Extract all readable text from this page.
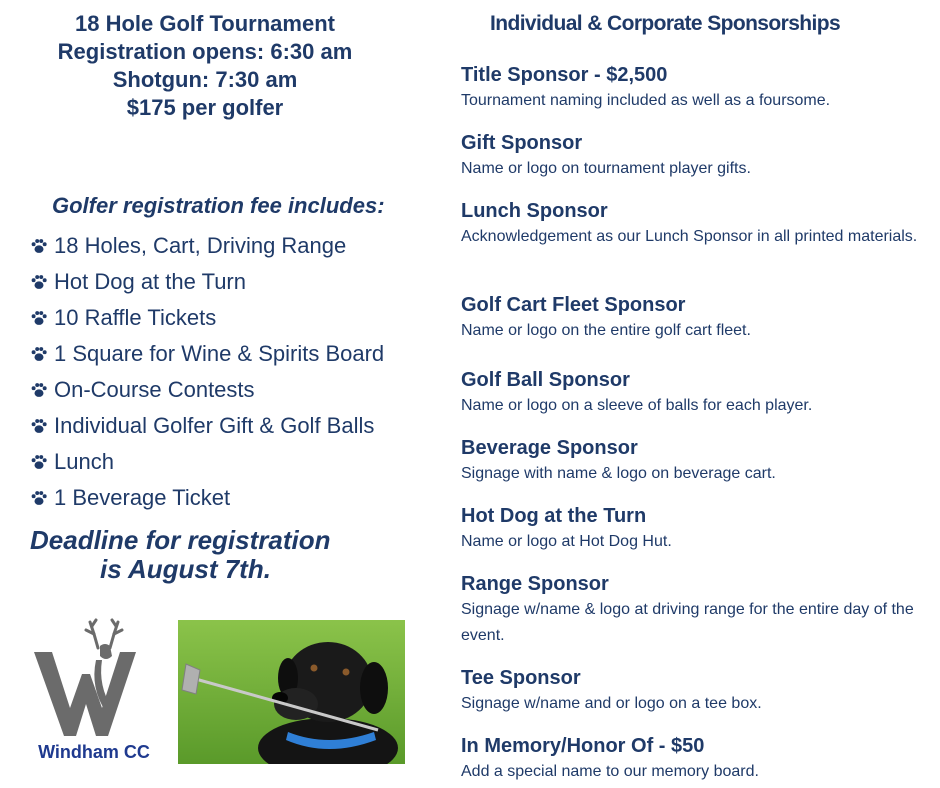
18 Hole Golf Tournament
Registration opens: 6:30 am
Shotgun: 7:30 am
$175 per golfer
Golfer registration fee includes:
18 Holes, Cart, Driving Range
Hot Dog at the Turn
10 Raffle Tickets
1 Square for Wine & Spirits Board
On-Course Contests
Individual Golfer Gift & Golf Balls
Lunch
1 Beverage Ticket
Deadline for registration
is August 7th.
Windham CC
Individual & Corporate Sponsorships
Title Sponsor - $2,500
Tournament naming included as well as a foursome.
Gift Sponsor
Name or logo on tournament player gifts.
Lunch Sponsor
Acknowledgement as our Lunch Sponsor in all printed materials.
Golf Cart Fleet Sponsor
Name or logo on the entire golf cart fleet.
Golf Ball Sponsor
Name or logo on a sleeve of balls for each player.
Beverage Sponsor
Signage with name & logo on beverage cart.
Hot Dog at the Turn
Name or logo at Hot Dog Hut.
Range Sponsor
Signage w/name & logo at driving range for the entire day of the event.
Tee Sponsor
Signage w/name and or logo on a tee box.
In Memory/Honor Of - $50
Add a special name to our memory board.
